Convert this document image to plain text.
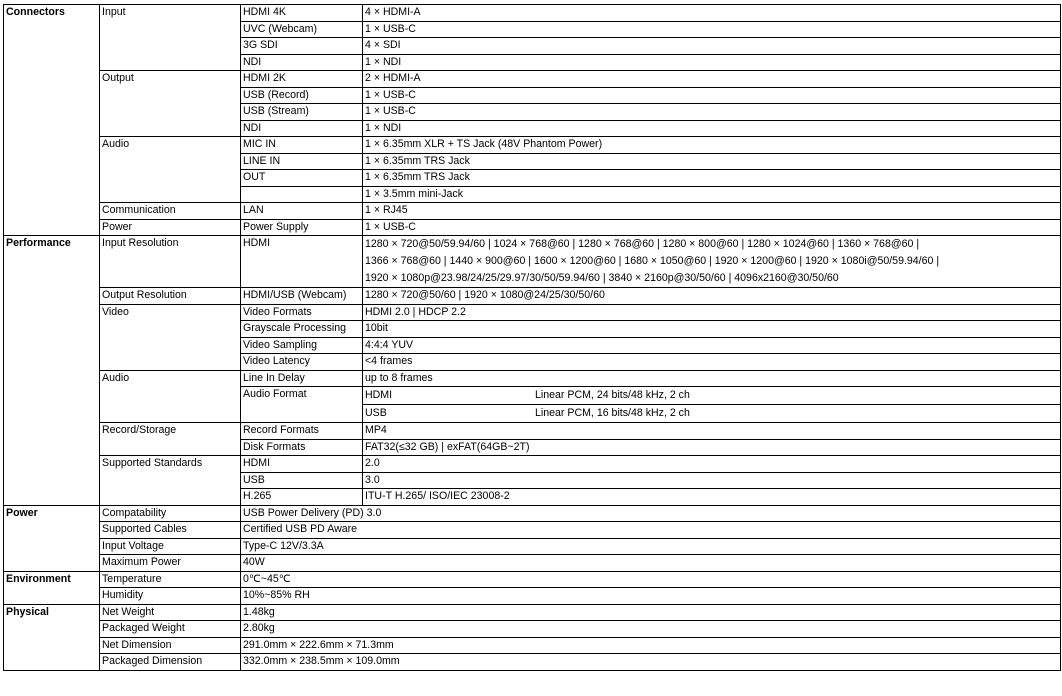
Connectors	Input	HDMI 4K	4 × HDMI-A
		UVC (Webcam)	1 × USB-C
		3G SDI	4 × SDI
		NDI	1 × NDI
	Output	HDMI 2K	2 × HDMI-A
		USB (Record)	1 × USB-C
		USB (Stream)	1 × USB-C
		NDI	1 × NDI
	Audio	MIC IN	1 × 6.35mm XLR + TS Jack (48V Phantom Power)
		LINE IN	1 × 6.35mm TRS Jack
		OUT	1 × 6.35mm TRS Jack
			1 × 3.5mm mini-Jack
	Communication	LAN	1 × RJ45
	Power	Power Supply	1 × USB-C
Performance	Input Resolution	HDMI	1280 × 720@50/59.94/60 | 1024 × 768@60 | 1280 × 768@60 | 1280 × 800@60 | 1280 × 1024@60 | 1360 × 768@60 |
1366 × 768@60 | 1440 × 900@60 | 1600 × 1200@60 | 1680 × 1050@60 | 1920 × 1200@60 | 1920 × 1080i@50/59.94/60 |
1920 × 1080p@23.98/24/25/29.97/30/50/59.94/60 | 3840 × 2160p@30/50/60 | 4096x2160@30/50/60

	Output Resolution	HDMI/USB (Webcam)	1280 × 720@50/60 | 1920 × 1080@24/25/30/50/60
	Video	Video Formats	HDMI 2.0 | HDCP 2.2
		Grayscale Processing	10bit
		Video Sampling	4:4:4 YUV
		Video Latency	<4 frames
	Audio	Line In Delay	up to 8 frames
		Audio Format	HDMI Linear PCM, 24 bits/48 kHz, 2 ch
USB Linear PCM, 16 bits/48 kHz, 2 ch

	Record/Storage	Record Formats	MP4
		Disk Formats	FAT32(≤32 GB) | exFAT(64GB~2T)
	Supported Standards	HDMI	2.0
		USB	3.0
		H.265	ITU-T H.265/ ISO/IEC 23008-2
Power	Compatability	USB Power Delivery (PD) 3.0	
	Supported Cables	Certified USB PD Aware	
	Input Voltage	Type-C 12V/3.3A	
	Maximum Power	40W	
Environment	Temperature	0℃~45℃	
	Humidity	10%~85% RH	
Physical	Net Weight	1.48kg	
	Packaged Weight	2.80kg	
	Net Dimension	291.0mm × 222.6mm × 71.3mm	
	Packaged Dimension	332.0mm × 238.5mm × 109.0mm	
